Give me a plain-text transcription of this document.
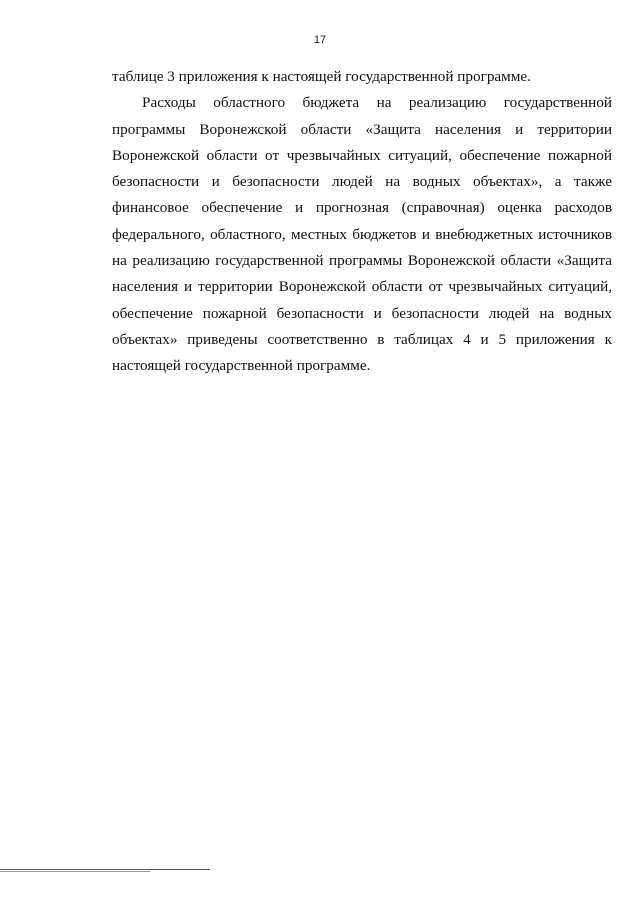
17
таблице 3 приложения к настоящей государственной программе.
Расходы областного бюджета на реализацию государственной
программы Воронежской области «Защита населения и территории
Воронежской области от чрезвычайных ситуаций, обеспечение пожарной
безопасности и безопасности людей на водных объектах», а также
финансовое обеспечение и прогнозная (справочная) оценка расходов
федерального, областного, местных бюджетов и внебюджетных источников
на реализацию государственной программы Воронежской области «Защита
населения и территории Воронежской области от чрезвычайных ситуаций,
обеспечение пожарной безопасности и безопасности людей на водных
объектах» приведены соответственно в таблицах 4 и 5 приложения к
настоящей государственной программе.
